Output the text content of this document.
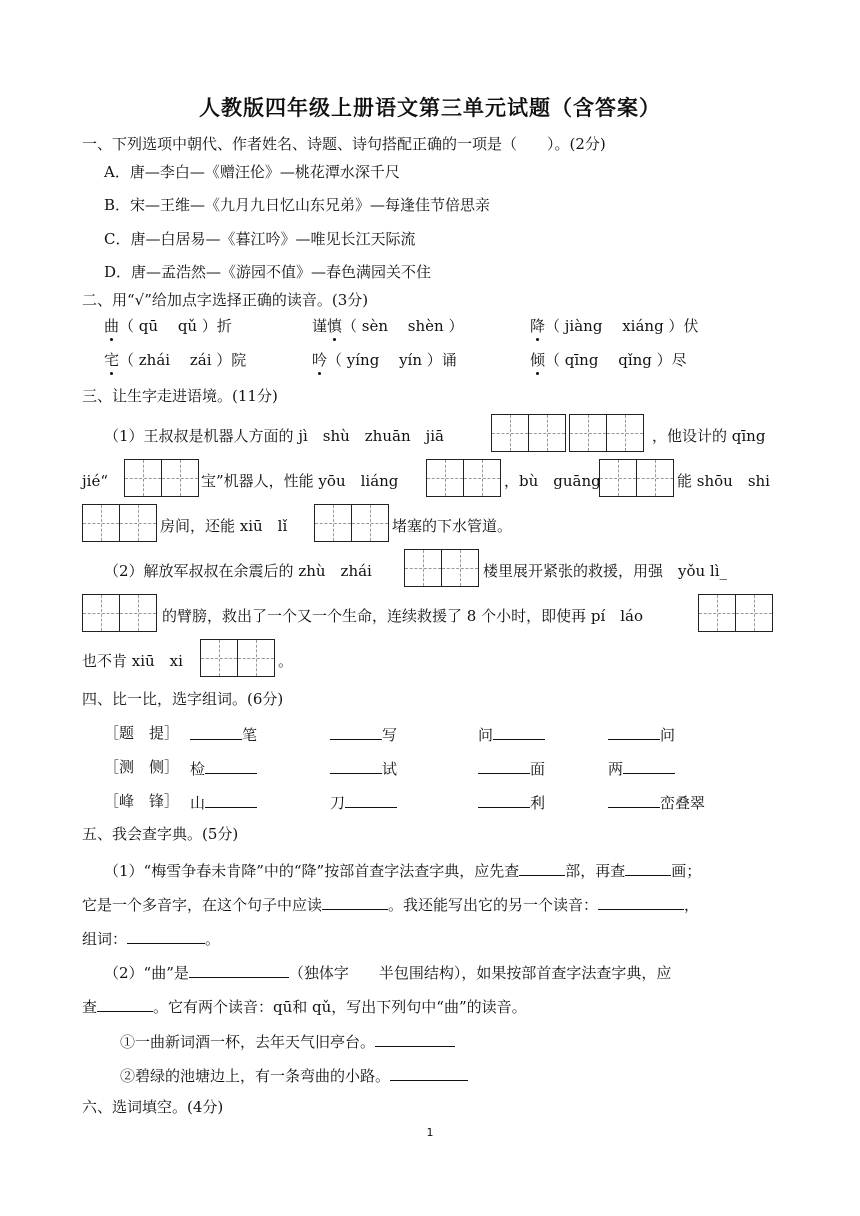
人教版四年级上册语文第三单元试题（含答案）
一、下列选项中朝代、作者姓名、诗题、诗句搭配正确的一项是（　　）。(2分)
A．唐—李白—《赠汪伦》—桃花潭水深千尺
B．宋—王维—《九月九日忆山东兄弟》—每逢佳节倍思亲
C．唐—白居易—《暮江吟》—唯见长江天际流
D．唐—孟浩然—《游园不值》—春色满园关不住
二、用“√”给加点字选择正确的读音。(3分)
曲（ qū　 qǔ ）折	谨慎（ sèn　 shèn ）	降（ jiàng　 xiáng ）伏
宅（ zhái　 zái ）院	吟（ yíng　 yín ）诵	倾（ qīng　 qǐng ）尽
三、让生字走进语境。(11分)
（1）王叔叔是机器人方面的 jì　shù　zhuān　jiā	，他设计的 qīng
jié“	宝”机器人，性能 yōu　liáng	，bù　guāng	能 shōu　shi
房间，还能 xiū　lǐ	堵塞的下水管道。
（2）解放军叔叔在余震后的 zhù　zhái	楼里展开紧张的救援，用强　yǒu lì_
的臂膀，救出了一个又一个生命，连续救援了 8 个小时，即使再 pí　láo
也不肯 xiū　xi	。
四、比一比，选字组词。(6分)
［题　提］	笔	写	问	问
［测　侧］ 检	试	面	两
［峰　锋］ 山	刀	利	峦叠翠
五、我会查字典。(5分)
（1）“梅雪争春未肯降”中的“降”按部首查字法查字典，应先查	部，再查	画；
它是一个多音字，在这个句子中应读	。我还能写出它的另一个读音：	，
组词：	。
（2）“曲”是	（独体字　　半包围结构），如果按部首查字法查字典，应
查	。它有两个读音：qū和 qǔ，写出下列句中“曲”的读音。
①一曲新词酒一杯，去年天气旧亭台。
②碧绿的池塘边上，有一条弯曲的小路。
六、选词填空。(4分)
1
